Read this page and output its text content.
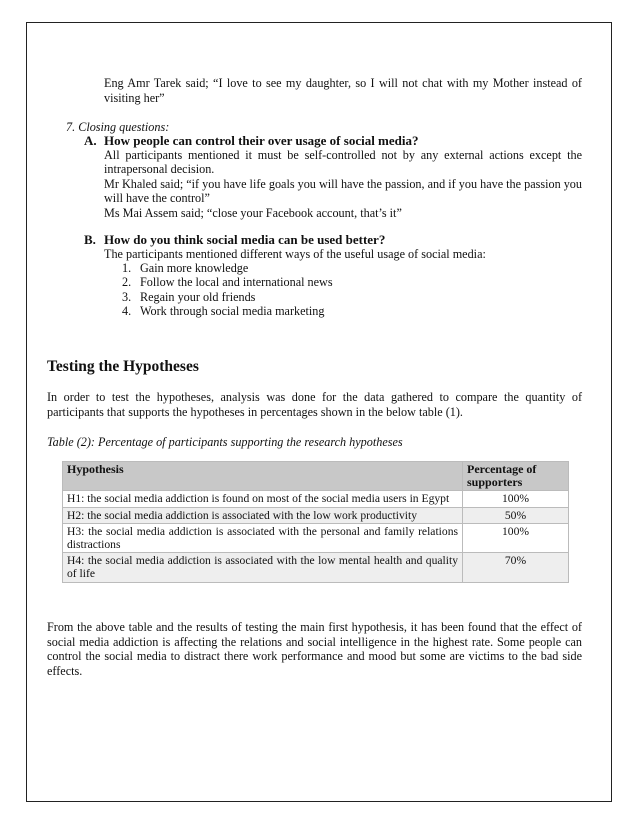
Eng Amr Tarek said; “I love to see my daughter, so I will not chat with my Mother instead of visiting her”
7. Closing questions:
A. How people can control their over usage of social media?
All participants mentioned it must be self-controlled not by any external actions except the intrapersonal decision.
Mr Khaled said; “if you have life goals you will have the passion, and if you have the passion you will have the control”
Ms Mai Assem said; “close your Facebook account, that’s it”
B. How do you think social media can be used better?
The participants mentioned different ways of the useful usage of social media:
1. Gain more knowledge
2. Follow the local and international news
3. Regain your old friends
4. Work through social media marketing
Testing the Hypotheses
In order to test the hypotheses, analysis was done for the data gathered to compare the quantity of participants that supports the hypotheses in percentages shown in the below table (1).
Table (2): Percentage of participants supporting the research hypotheses
Hypothesis	Percentage of supporters
H1: the social media addiction is found on most of the social media users in Egypt	100%
H2: the social media addiction is associated with the low work productivity	50%
H3: the social media addiction is associated with the personal and family relations distractions	100%
H4: the social media addiction is associated with the low mental health and quality of life	70%
From the above table and the results of testing the main first hypothesis, it has been found that the effect of social media addiction is affecting the relations and social intelligence in the highest rate. Some people can control the social media to distract there work performance and mood but some are victims to the bad side effects.
